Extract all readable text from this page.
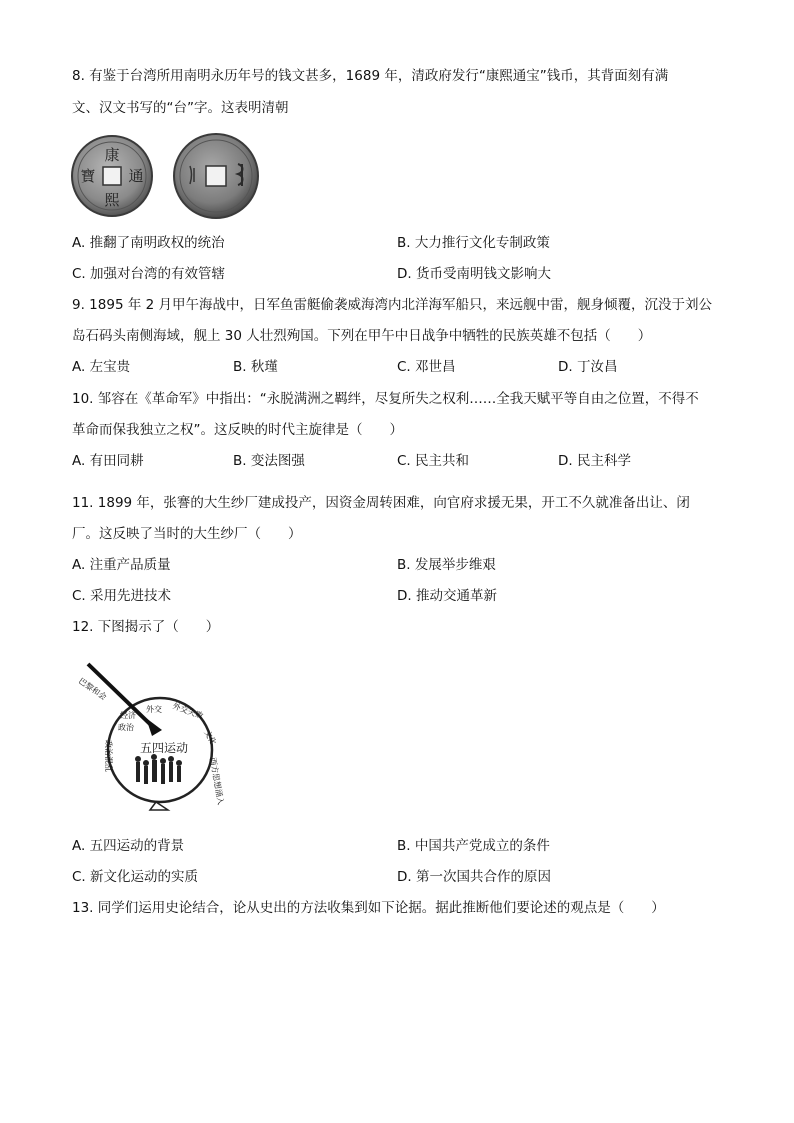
8. 有鉴于台湾所用南明永历年号的钱文甚多，1689 年，清政府发行“康熙通宝”钱币，其背面刻有满
文、汉文书写的“台”字。这表明清朝
康
熙
通
寶
A. 推翻了南明政权的统治	B. 大力推行文化专制政策
C. 加强对台湾的有效管辖	D. 货币受南明钱文影响大
9. 1895 年 2 月甲午海战中，日军鱼雷艇偷袭威海湾内北洋海军船只，来远舰中雷，舰身倾覆，沉没于刘公
岛石码头南侧海域，舰上 30 人壮烈殉国。下列在甲午中日战争中牺牲的民族英雄不包括（　　）
A. 左宝贵	B. 秋瑾	C. 邓世昌	D. 丁汝昌
10. 邹容在《革命军》中指出：“永脱满洲之羁绊，尽复所失之权利……全我天赋平等自由之位置，不得不
革命而保我独立之权”。这反映的时代主旋律是（　　）
A. 有田同耕	B. 变法图强	C. 民主共和	D. 民主科学
11. 1899 年，张謇的大生纱厂建成投产，因资金周转困难，向官府求援无果，开工不久就准备出让、闭
厂。这反映了当时的大生纱厂（　　）
A. 注重产品质量	B. 发展举步维艰
C. 采用先进技术	D. 推动交通革新
12. 下图揭示了（　　）
五四运动
巴黎和会
外交 外交失败
文化
西方思想涌入
政治
政治混乱
经济
A. 五四运动的背景	B. 中国共产党成立的条件
C. 新文化运动的实质	D. 第一次国共合作的原因
13. 同学们运用史论结合，论从史出的方法收集到如下论据。据此推断他们要论述的观点是（　　）
